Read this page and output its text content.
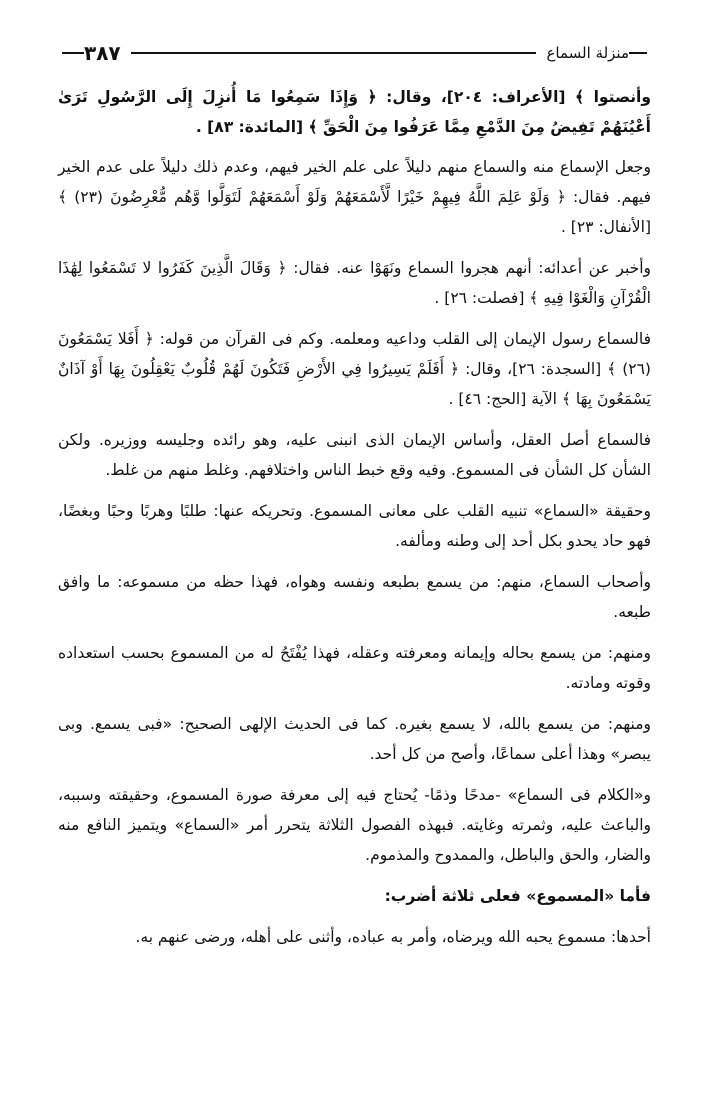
منزلة السماع
٣٨٧

وأنصتوا ﴾ [الأعراف: ٢٠٤]، وقال: ﴿ وَإِذَا سَمِعُوا مَا أُنزِلَ إِلَى الرَّسُولِ تَرَىٰ أَعْيُنَهُمْ تَفِيضُ مِنَ الدَّمْعِ مِمَّا عَرَفُوا مِنَ الْحَقِّ ﴾ [المائدة: ٨٣] .

وجعل الإسماع منه والسماع منهم دليلاً على علم الخير فيهم، وعدم ذلك دليلاً على عدم الخير فيهم. فقال: ﴿ وَلَوْ عَلِمَ اللَّهُ فِيهِمْ خَيْرًا لَّأَسْمَعَهُمْ وَلَوْ أَسْمَعَهُمْ لَتَوَلَّوا وَّهُم مُّعْرِضُونَ (٢٣) ﴾ [الأنفال: ٢٣] .

وأخبر عن أعدائه: أنهم هجروا السماع ونَهَوْا عنه. فقال: ﴿ وَقَالَ الَّذِينَ كَفَرُوا لا تَسْمَعُوا لِهَٰذَا الْقُرْآنِ وَالْغَوْا فِيهِ ﴾ [فصلت: ٢٦] .

فالسماع رسول الإيمان إلى القلب وداعيه ومعلمه. وكم فى القرآن من قوله: ﴿ أَفَلا يَسْمَعُونَ (٢٦) ﴾ [السجدة: ٢٦]، وقال: ﴿ أَفَلَمْ يَسِيرُوا فِي الأَرْضِ فَتَكُونَ لَهُمْ قُلُوبٌ يَعْقِلُونَ بِهَا أَوْ آذَانٌ يَسْمَعُونَ بِهَا ﴾ الآية [الحج: ٤٦] .

فالسماع أصل العقل، وأساس الإيمان الذى انبنى عليه، وهو رائده وجليسه ووزيره. ولكن الشأن كل الشأن فى المسموع. وفيه وقع خبط الناس واختلافهم. وغلط منهم من غلط.

وحقيقة «السماع» تنبيه القلب على معانى المسموع. وتحريكه عنها: طلبًا وهربًا وحبًا وبغضًا، فهو حاد يحدو بكل أحد إلى وطنه ومألفه.

وأصحاب السماع، منهم: من يسمع بطبعه ونفسه وهواه، فهذا حظه من مسموعه: ما وافق طبعه.

ومنهم: من يسمع بحاله وإيمانه ومعرفته وعقله، فهذا يُفْتَحُ له من المسموع بحسب استعداده وقوته ومادته.

ومنهم: من يسمع بالله، لا يسمع بغيره. كما فى الحديث الإلهى الصحيح: «فبى يسمع. وبى يبصر» وهذا أعلى سماعًا، وأصح من كل أحد.

و«الكلام فى السماع» -مدحًا وذمًا- يُحتاج فيه إلى معرفة صورة المسموع، وحقيقته وسببه، والباعث عليه، وثمرته وغايته. فبهذه الفصول الثلاثة يتحرر أمر «السماع» ويتميز النافع منه والضار، والحق والباطل، والممدوح والمذموم.

فأما «المسموع» فعلى ثلاثة أضرب:

أحدها: مسموع يحبه الله ويرضاه، وأمر به عباده، وأثنى على أهله، ورضى عنهم به.
